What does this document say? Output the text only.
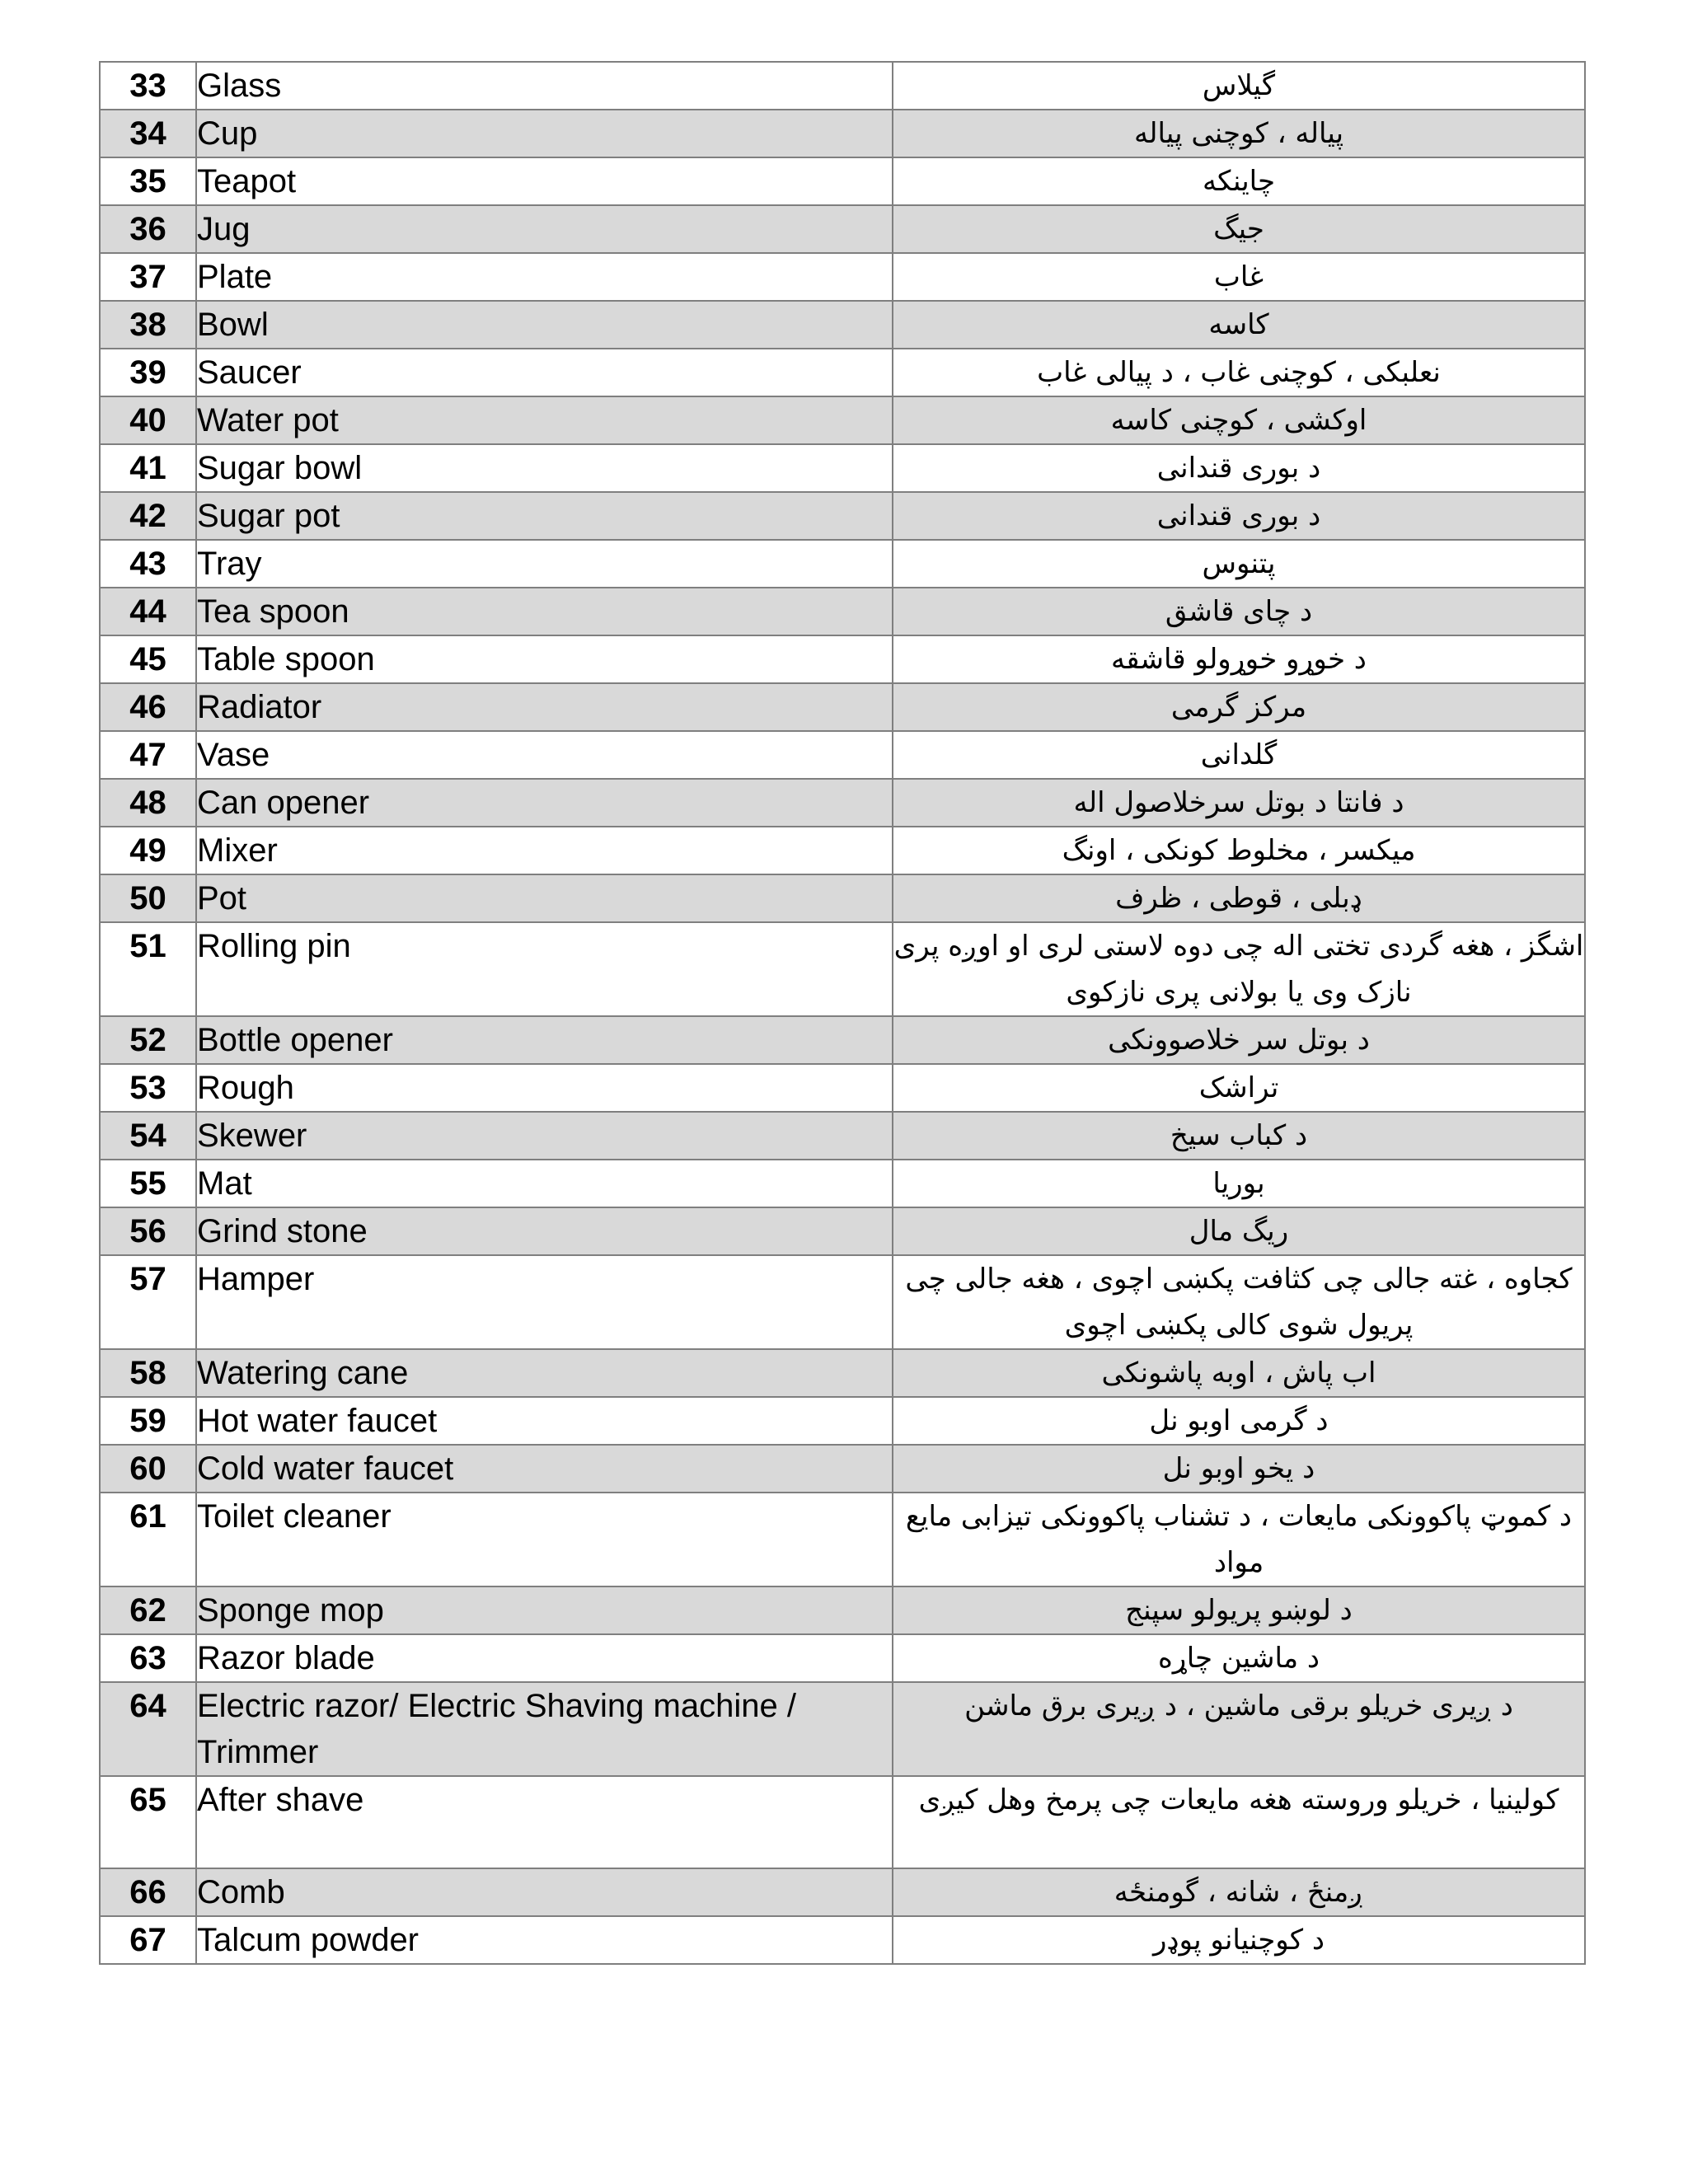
33	Glass	گیلاس
34	Cup	پیاله ، کوچنی پیاله
35	Teapot	چاینکه
36	Jug	جیگ
37	Plate	غاب
38	Bowl	کاسه
39	Saucer	نعلبکی ، کوچنی غاب ، د پیالی غاب
40	Water pot	اوکشی ، کوچنی کاسه
41	Sugar bowl	د بوری قندانی
42	Sugar pot	د بوری قندانی
43	Tray	پتنوس
44	Tea spoon	د چای قاشق
45	Table spoon	د خوړو خوړولو قاشقه
46	Radiator	مرکز گرمی
47	Vase	گلدانی
48	Can opener	د فانتا د بوتل سرخلاصول اله
49	Mixer	میکسر ، مخلوط کونکی ، اونگ
50	Pot	ډبلی ، قوطی ، ظرف
51	Rolling pin	اشگز ، هغه گردی تختی اله چی دوه لاستی لری او اوږه پری نازک وی یا بولانی پری نازکوی
52	Bottle opener	د بوتل سر خلاصوونکی
53	Rough	تراشک
54	Skewer	د کباب سیخ
55	Mat	بوریا
56	Grind stone	ریگ مال
57	Hamper	کجاوه ، غته جالی چی کثافت پکښی اچوی ، هغه جالی چی پریول شوی کالی پکښی اچوی
58	Watering cane	اب پاش ، اوبه پاشونکی
59	Hot water faucet	د گرمی اوبو نل
60	Cold water faucet	د یخو اوبو نل
61	Toilet cleaner	د کموټ پاکوونکی مایعات ، د تشناب پاکوونکی تیزابی مایع مواد
62	Sponge mop	د لوښو پریولو سپنج
63	Razor blade	د ماشین چاړه
64	Electric razor/ Electric Shaving machine / Trimmer	د ږیری خریلو برقی ماشین ، د ږیری برق ماشن
65	After shave	کولینیا ، خریلو وروسته هغه مایعات چی پرمخ وهل کیږی
66	Comb	ږمنځ ، شانه ، گومنځه
67	Talcum powder	د کوچنیانو پوډر
